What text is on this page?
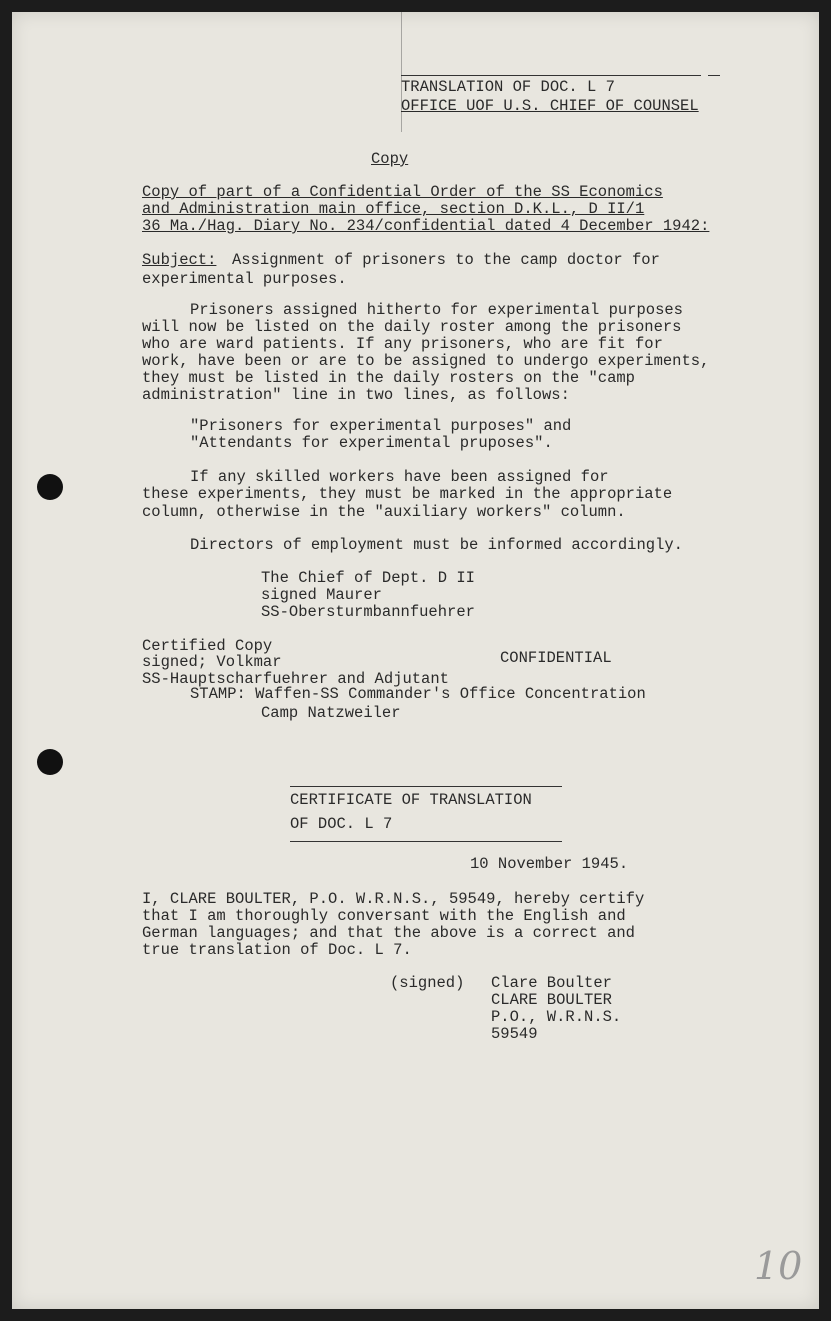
TRANSLATION OF DOC. L 7
OFFICE UOF U.S. CHIEF OF COUNSEL
Copy
Copy of part of a Confidential Order of the SS Economics
and Administration main office, section D.K.L., D II/1
36 Ma./Hag. Diary No. 234/confidential dated 4 December 1942:
Subject: Assignment of prisoners to the camp doctor for
experimental purposes.
Prisoners assigned hitherto for experimental purposes
will now be listed on the daily roster among the prisoners
who are ward patients. If any prisoners, who are fit for
work, have been or are to be assigned to undergo experiments,
they must be listed in the daily rosters on the "camp
administration" line in two lines, as follows:
"Prisoners for experimental purposes" and
"Attendants for experimental pruposes".
If any skilled workers have been assigned for
these experiments, they must be marked in the appropriate
column, otherwise in the "auxiliary workers" column.
Directors of employment must be informed accordingly.
The Chief of Dept. D II
signed Maurer
SS-Obersturmbannfuehrer
Certified Copy
signed; Volkmar	CONFIDENTIAL
SS-Hauptscharfuehrer and Adjutant
STAMP: Waffen-SS Commander's Office Concentration
Camp Natzweiler
CERTIFICATE OF TRANSLATION
OF DOC. L 7
10 November 1945.
I, CLARE BOULTER, P.O. W.R.N.S., 59549, hereby certify
that I am thoroughly conversant with the English and
German languages; and that the above is a correct and
true translation of Doc. L 7.
(signed) Clare Boulter
CLARE BOULTER
P.O., W.R.N.S.
59549
10
